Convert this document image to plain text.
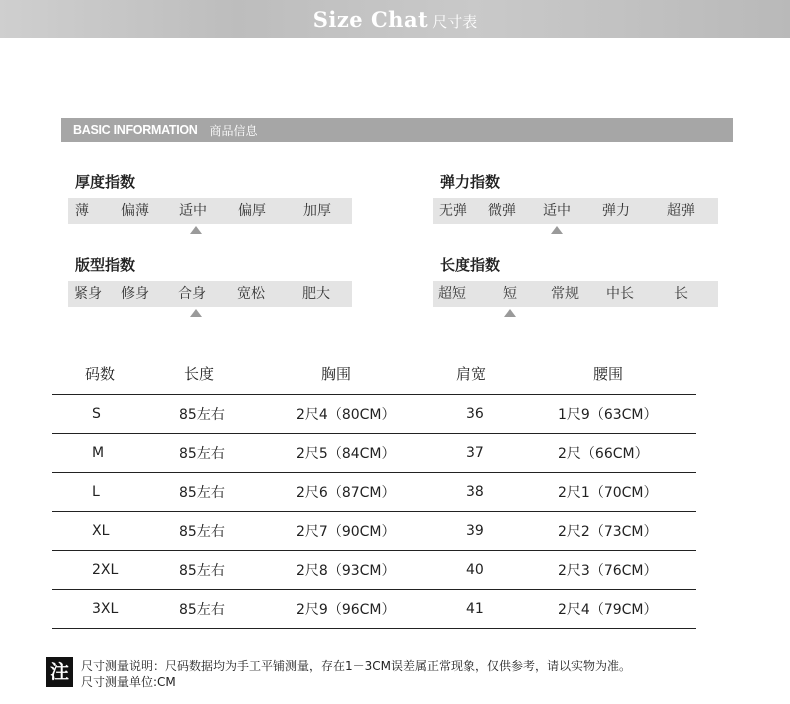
Size Chat 尺寸表
BASIC INFORMATION 商品信息
厚度指数
薄 偏薄 适中 偏厚	加厚
弹力指数
无弹 微弹 适中 弹力	超弹
版型指数
紧身 修身 合身 宽松	肥大
长度指数
超短	短 常规 中长	长
码数	长度	胸围	肩宽	腰围
S	85左右	2尺4（80CM）	36	1尺9（63CM）
M	85左右	2尺5（84CM）	37	2尺（66CM）
L	85左右	2尺6（87CM）	38	2尺1（70CM）
XL	85左右	2尺7（90CM）	39	2尺2（73CM）
2XL	85左右	2尺8（93CM）	40	2尺3（76CM）
3XL	85左右	2尺9（96CM）	41	2尺4（79CM）
注	尺寸测量说明：尺码数据均为手工平铺测量，存在1－3CM误差属正常现象，仅供参考，请以实物为准。
尺寸测量单位:CM
